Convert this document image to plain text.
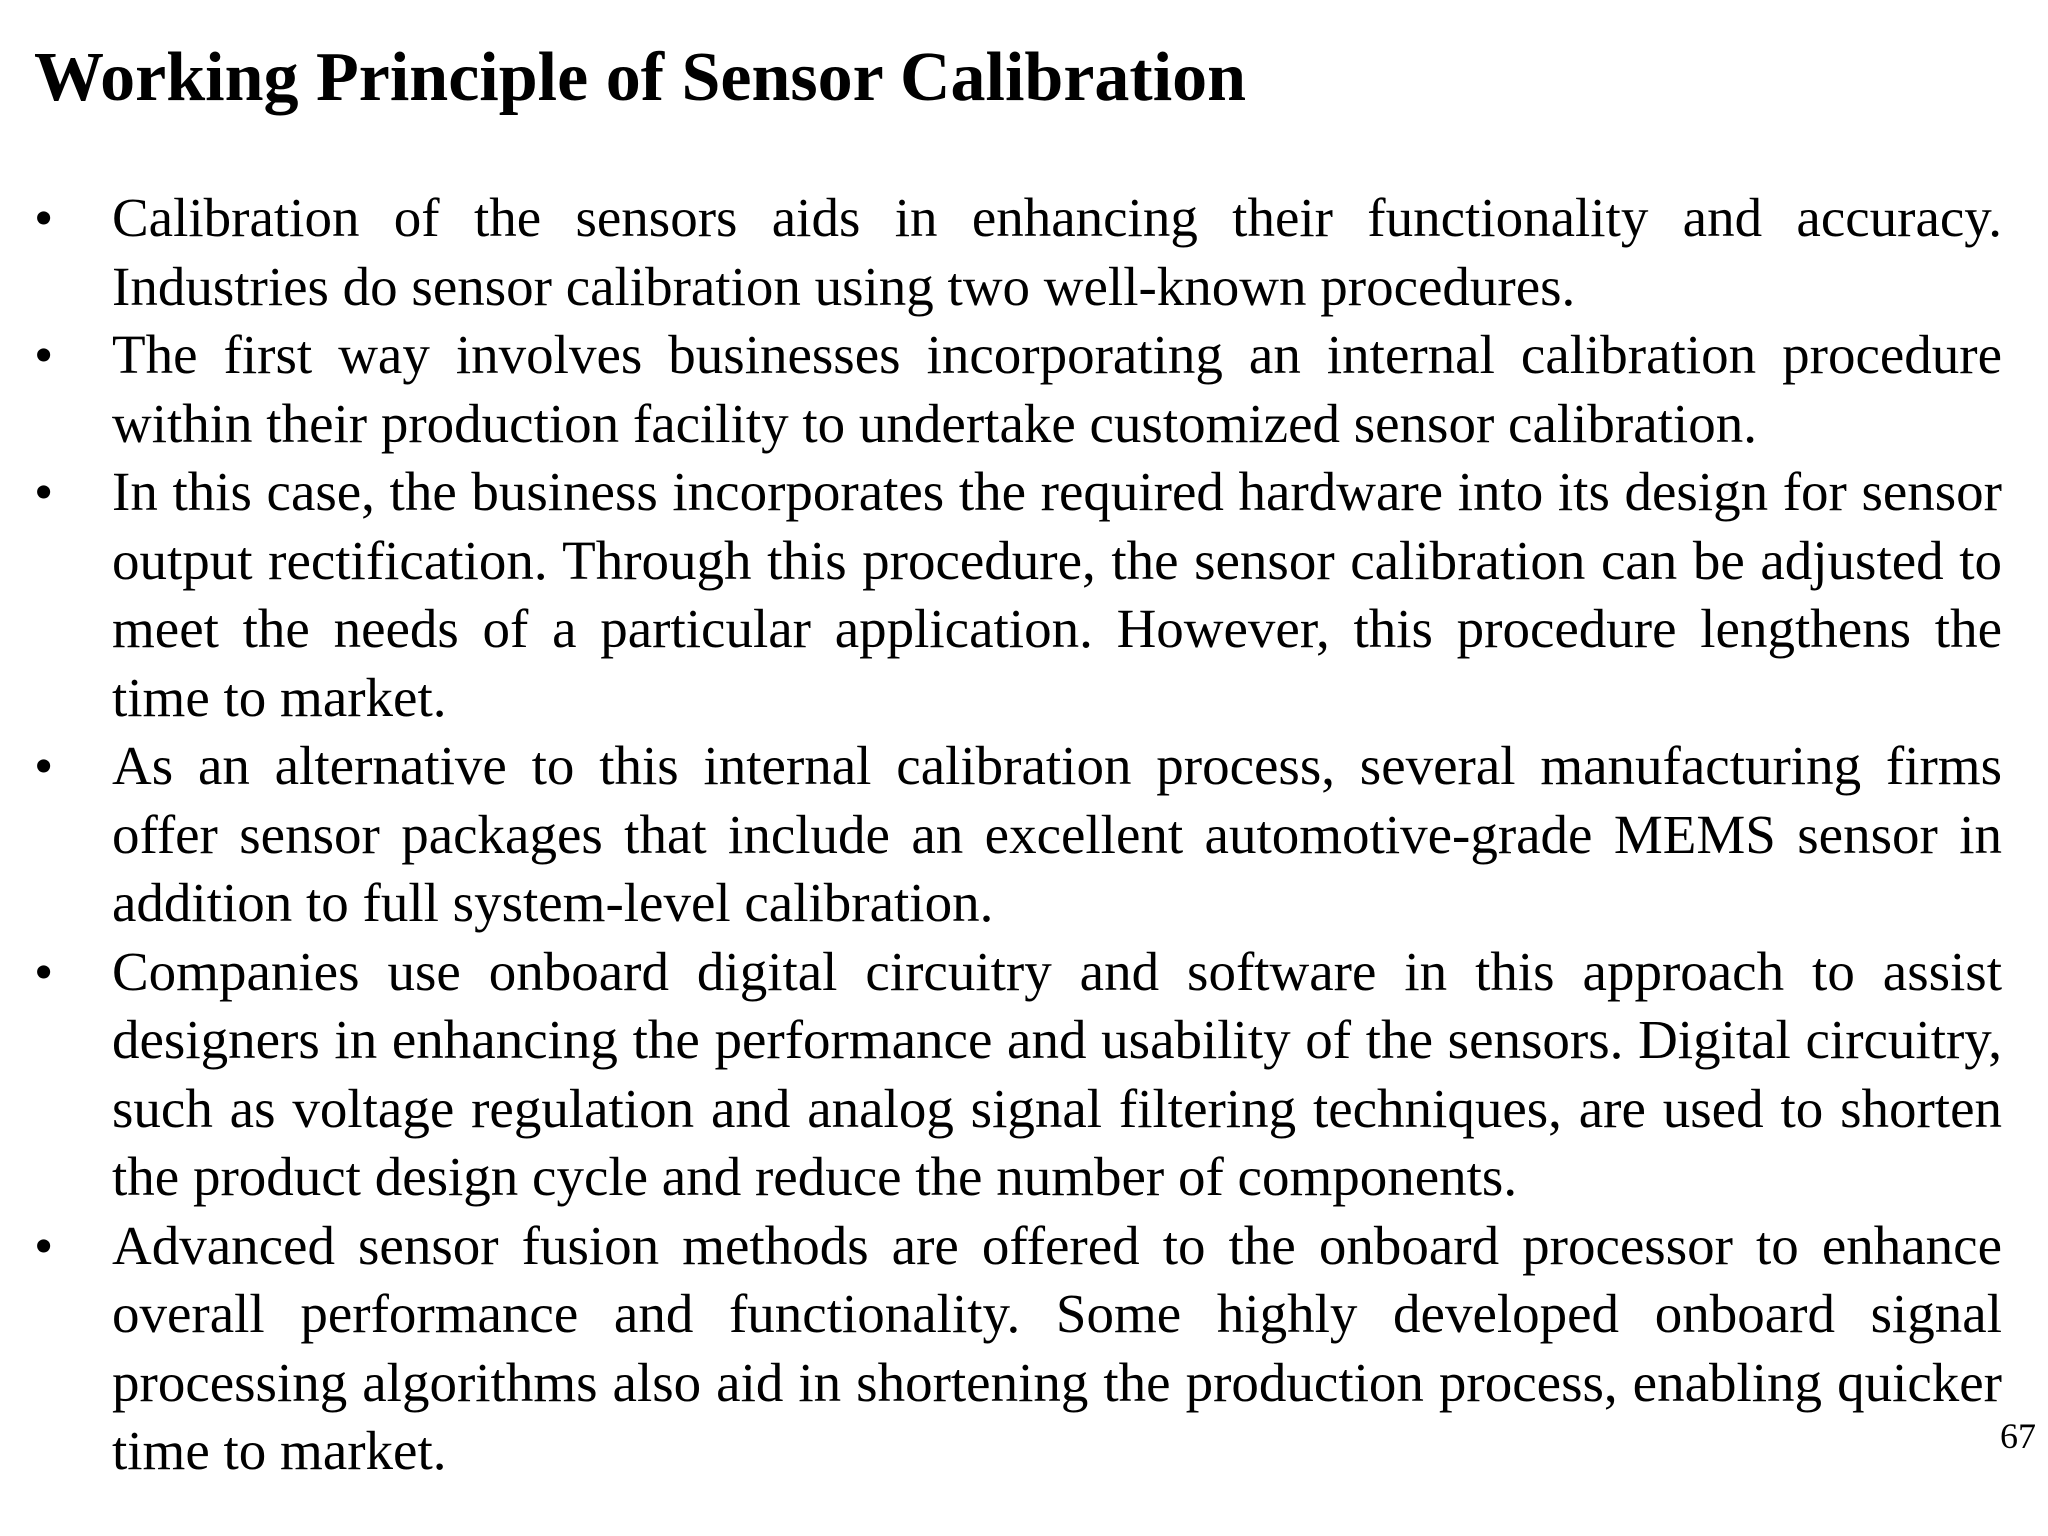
Working Principle of Sensor Calibration
• Calibration of the sensors aids in enhancing their functionality and accuracy. Industries do sensor calibration using two well-known procedures.
• The first way involves businesses incorporating an internal calibration procedure within their production facility to undertake customized sensor calibration.
• In this case, the business incorporates the required hardware into its design for sensor output rectification. Through this procedure, the sensor calibration can be adjusted to meet the needs of a particular application. However, this procedure lengthens the time to market.
• As an alternative to this internal calibration process, several manufacturing firms offer sensor packages that include an excellent automotive-grade MEMS sensor in addition to full system-level calibration.
• Companies use onboard digital circuitry and software in this approach to assist designers in enhancing the performance and usability of the sensors. Digital circuitry, such as voltage regulation and analog signal filtering techniques, are used to shorten the product design cycle and reduce the number of components.
• Advanced sensor fusion methods are offered to the onboard processor to enhance overall performance and functionality. Some highly developed onboard signal processing algorithms also aid in shortening the production process, enabling quicker time to market.	67
